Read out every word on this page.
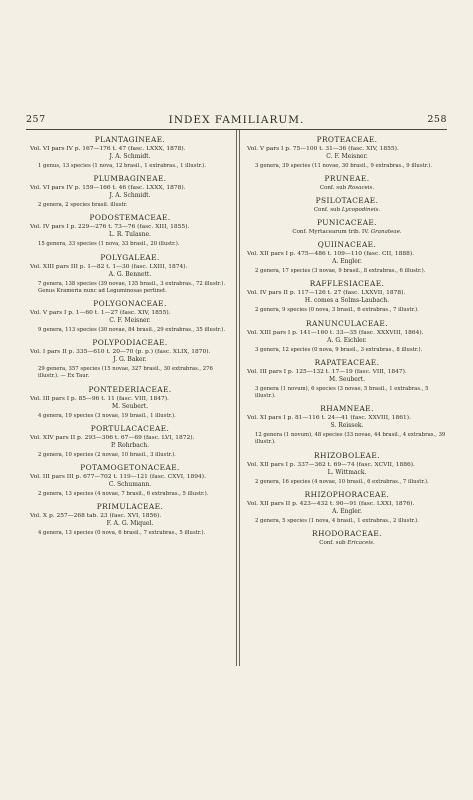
257	INDEX FAMILIARUM.	258
PLANTAGINEAE.
Vol. VI pars IV p. 167—176 t. 47 (fasc. LXXX, 1878).
J. A. Schmidt.
1 genus, 13 species (1 nova, 12 brasil., 1 extrabras., 1 illustr.).
PLUMBAGINEAE.
Vol. VI pars IV p. 159—166 t. 46 (fasc. LXXX, 1878).
J. A. Schmidt.
2 genera, 2 species brasil. illustr.
PODOSTEMACEAE.
Vol. IV pars I p. 229—276 t. 73—76 (fasc. XIII, 1855).
L. R. Tulasne.
15 genera, 33 species (1 nova, 33 brasil., 20 illustr.).
POLYGALEAE.
Vol. XIII pars III p. 1—82 t. 1—30 (fasc. LXIII, 1874).
A. G. Bennett.
7 genera, 138 species (39 novae, 135 brasil., 3 extrabras., 72 illustr.).
Genus Krameria nunc ad Leguminosas pertinet.
POLYGONACEAE.
Vol. V pars I p. 1—60 t. 1—27 (fasc. XIV, 1855).
C. F. Meisner.
9 genera, 113 species (30 novae, 84 brasil., 29 extrabras., 35 illustr.).
POLYPODIACEAE.
Vol. I pars II p. 335—610 t. 20—70 (p. p.) (fasc. XLIX, 1870).
J. G. Baker.
29 genera, 357 species (15 novae, 327 brasil., 30 extrabras., 276 illustr.). — Ex Taur.
PONTEDERIACEAE.
Vol. III pars I p. 85—96 t. 11 (fasc. VIII, 1847).
M. Seubert.
4 genera, 19 species (3 novae, 19 brasil., 1 illustr.).
PORTULACACEAE.
Vol. XIV pars II p. 293—306 t. 67—69 (fasc. LVI, 1872).
P. Rohrbach.
2 genera, 10 species (2 novae, 10 brasil., 3 illustr.).
POTAMOGETONACEAE.
Vol. III pars III p. 677—702 t. 119—121 (fasc. CXVI, 1894).
C. Schumann.
2 genera, 13 species (4 novae, 7 brasil., 6 extrabras., 5 illustr.).
PRIMULACEAE.
Vol. X p. 257—268 tab. 23 (fasc. XVI, 1856).
F. A. G. Miquel.
4 genera, 13 species (0 nova, 6 brasil., 7 extrabras., 5 illustr.).
PROTEACEAE.
Vol. V pars I p. 75—100 t. 31—36 (fasc. XIV, 1855).
C. F. Meisner.
3 genera, 39 species (11 novae, 30 brasil., 9 extrabras., 9 illustr.).
PRUNEAE.
Conf. sub Rosaceis.
PSILOTACEAE.
Conf. sub Lycopodineis.
PUNICACEAE.
Conf. Myrtacearum trib. IV. Granateae.
QUIINACEAE.
Vol. XII pars I p. 475—486 t. 109—110 (fasc. CII, 1888).
A. Engler.
2 genera, 17 species (3 novae, 9 brasil., 8 extrabras., 6 illustr.).
RAFFLESIACEAE.
Vol. IV pars II p. 117—126 t. 27 (fasc. LXXVII, 1878).
H. comes a Solms-Laubach.
2 genera, 9 species (0 nova, 3 brasil., 6 extrabras., 7 illustr.).
RANUNCULACEAE.
Vol. XIII pars I p. 141—160 t. 33—35 (fasc. XXXVIII, 1864).
A. G. Eichler.
3 genera, 12 species (0 nova, 9 brasil., 3 extrabras., 8 illustr.).
RAPATEACEAE.
Vol. III pars I p. 125—132 t. 17—19 (fasc. VIII, 1847).
M. Seubert.
3 genera (1 novum), 6 species (3 novae, 5 brasil., 1 extrabras., 5 illustr.).
RHAMNEAE.
Vol. XI pars I p. 81—116 t. 24—41 (fasc. XXVIII, 1861).
S. Reissek.
12 genera (1 novum), 48 species (33 novae, 44 brasil., 4 extrabras., 39 illustr.).
RHIZOBOLEAE.
Vol. XII pars I p. 337—362 t. 69—74 (fasc. XCVII, 1886).
L. Wittmack.
2 genera, 16 species (4 novae, 10 brasil., 6 extrabras., 7 illustr.).
RHIZOPHORACEAE.
Vol. XII pars II p. 423—432 t. 90—91 (fasc. LXXI, 1876).
A. Engler.
2 genera, 5 species (1 nova, 4 brasil., 1 extrabras., 2 illustr.).
RHODORACEAE.
Conf. sub Ericaceis.
